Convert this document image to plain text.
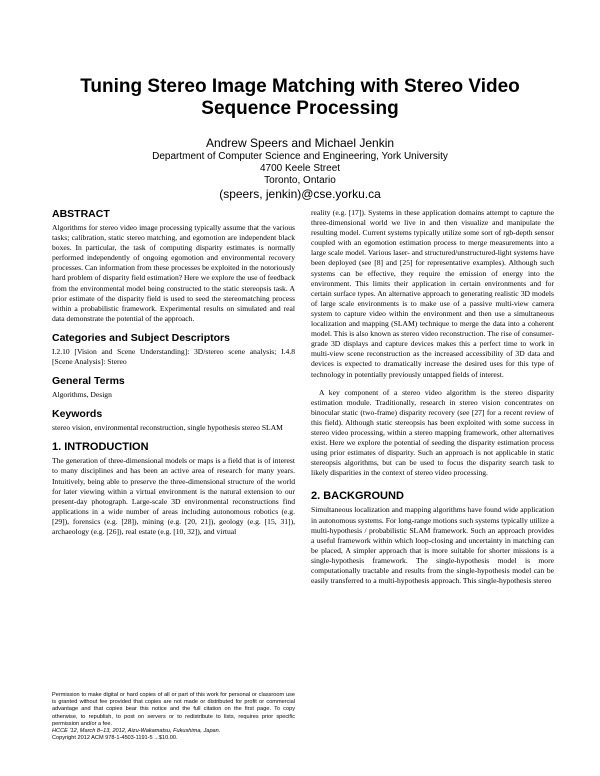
Tuning Stereo Image Matching with Stereo Video Sequence Processing
Andrew Speers and Michael Jenkin
Department of Computer Science and Engineering, York University
4700 Keele Street
Toronto, Ontario
(speers, jenkin)@cse.yorku.ca
ABSTRACT

Algorithms for stereo video image processing typically assume that the various tasks; calibration, static stereo matching, and egomotion are independent black boxes. In particular, the task of computing disparity estimates is normally performed independently of ongoing egomotion and environmental recovery processes. Can information from these processes be exploited in the notoriously hard problem of disparity field estimation? Here we explore the use of feedback from the environmental model being constructed to the static stereopsis task. A prior estimate of the disparity field is used to seed the stereomatching process within a probabilistic framework. Experimental results on simulated and real data demonstrate the potential of the approach.

Categories and Subject Descriptors

I.2.10 [Vision and Scene Understanding]: 3D/stereo scene analysis; I.4.8 [Scene Analysis]: Stereo

General Terms

Algorithms, Design

Keywords

stereo vision, environmental reconstruction, single hypothesis stereo SLAM

1. INTRODUCTION

The generation of three-dimensional models or maps is a field that is of interest to many disciplines and has been an active area of research for many years. Intuitively, being able to preserve the three-dimensional structure of the world for later viewing within a virtual environment is the natural extension to our present-day photograph. Large-scale 3D environmental reconstructions find applications in a wide number of areas including autonomous robotics (e.g. [29]), forensics (e.g. [28]), mining (e.g. [20, 21]), geology (e.g. [15, 31]), archaeology (e.g. [26]), real estate (e.g. [10, 32]), and virtual

Permission to make digital or hard copies of all or part of this work for personal or classroom use is granted without fee provided that copies are not made or distributed for profit or commercial advantage and that copies bear this notice and the full citation on the first page. To copy otherwise, to republish, to post on servers or to redistribute to lists, requires prior specific permission and/or a fee.
HCCE '12, March 8–13, 2012, Aizu-Wakamatsu, Fukushima, Japan.
Copyright 2012 ACM 978-1-4503-1191-5 ...$10.00.

reality (e.g. [17]). Systems in these application domains attempt to capture the three-dimensional world we live in and then visualize and manipulate the resulting model. Current systems typically utilize some sort of rgb-depth sensor coupled with an egomotion estimation process to merge measurements into a large scale model. Various laser- and structured/unstructured-light systems have been deployed (see [8] and [25] for representative examples). Although such systems can be effective, they require the emission of energy into the environment. This limits their application in certain environments and for certain surface types. An alternative approach to generating realistic 3D models of large scale environments is to make use of a passive multi-view camera system to capture video within the environment and then use a simultaneous localization and mapping (SLAM) technique to merge the data into a coherent model. This is also known as stereo video reconstruction. The rise of consumer-grade 3D displays and capture devices makes this a perfect time to work in multi-view scene reconstruction as the increased accessibility of 3D data and devices is expected to dramatically increase the desired uses for this type of technology in potentially previously untapped fields of interest.

A key component of a stereo video algorithm is the stereo disparity estimation module. Traditionally, research in stereo vision concentrates on binocular static (two-frame) disparity recovery (see [27] for a recent review of this field). Although static stereopsis has been exploited with some success in stereo video processing, within a stereo mapping framework, other alternatives exist. Here we explore the potential of seeding the disparity estimation process using prior estimates of disparity. Such an approach is not applicable in static stereopsis algorithms, but can be used to focus the disparity search task to likely disparities in the context of stereo video processing.

2. BACKGROUND

Simultaneous localization and mapping algorithms have found wide application in autonomous systems. For long-range motions such systems typically utilize a multi-hypothesis / probabilistic SLAM framework. Such an approach provides a useful framework within which loop-closing and uncertainty in matching can be placed, A simpler approach that is more suitable for shorter missions is a single-hypothesis framework. The single-hypothesis model is more computationally tractable and results from the single-hypothesis model can be easily transferred to a multi-hypothesis approach. This single-hypothesis stereo
